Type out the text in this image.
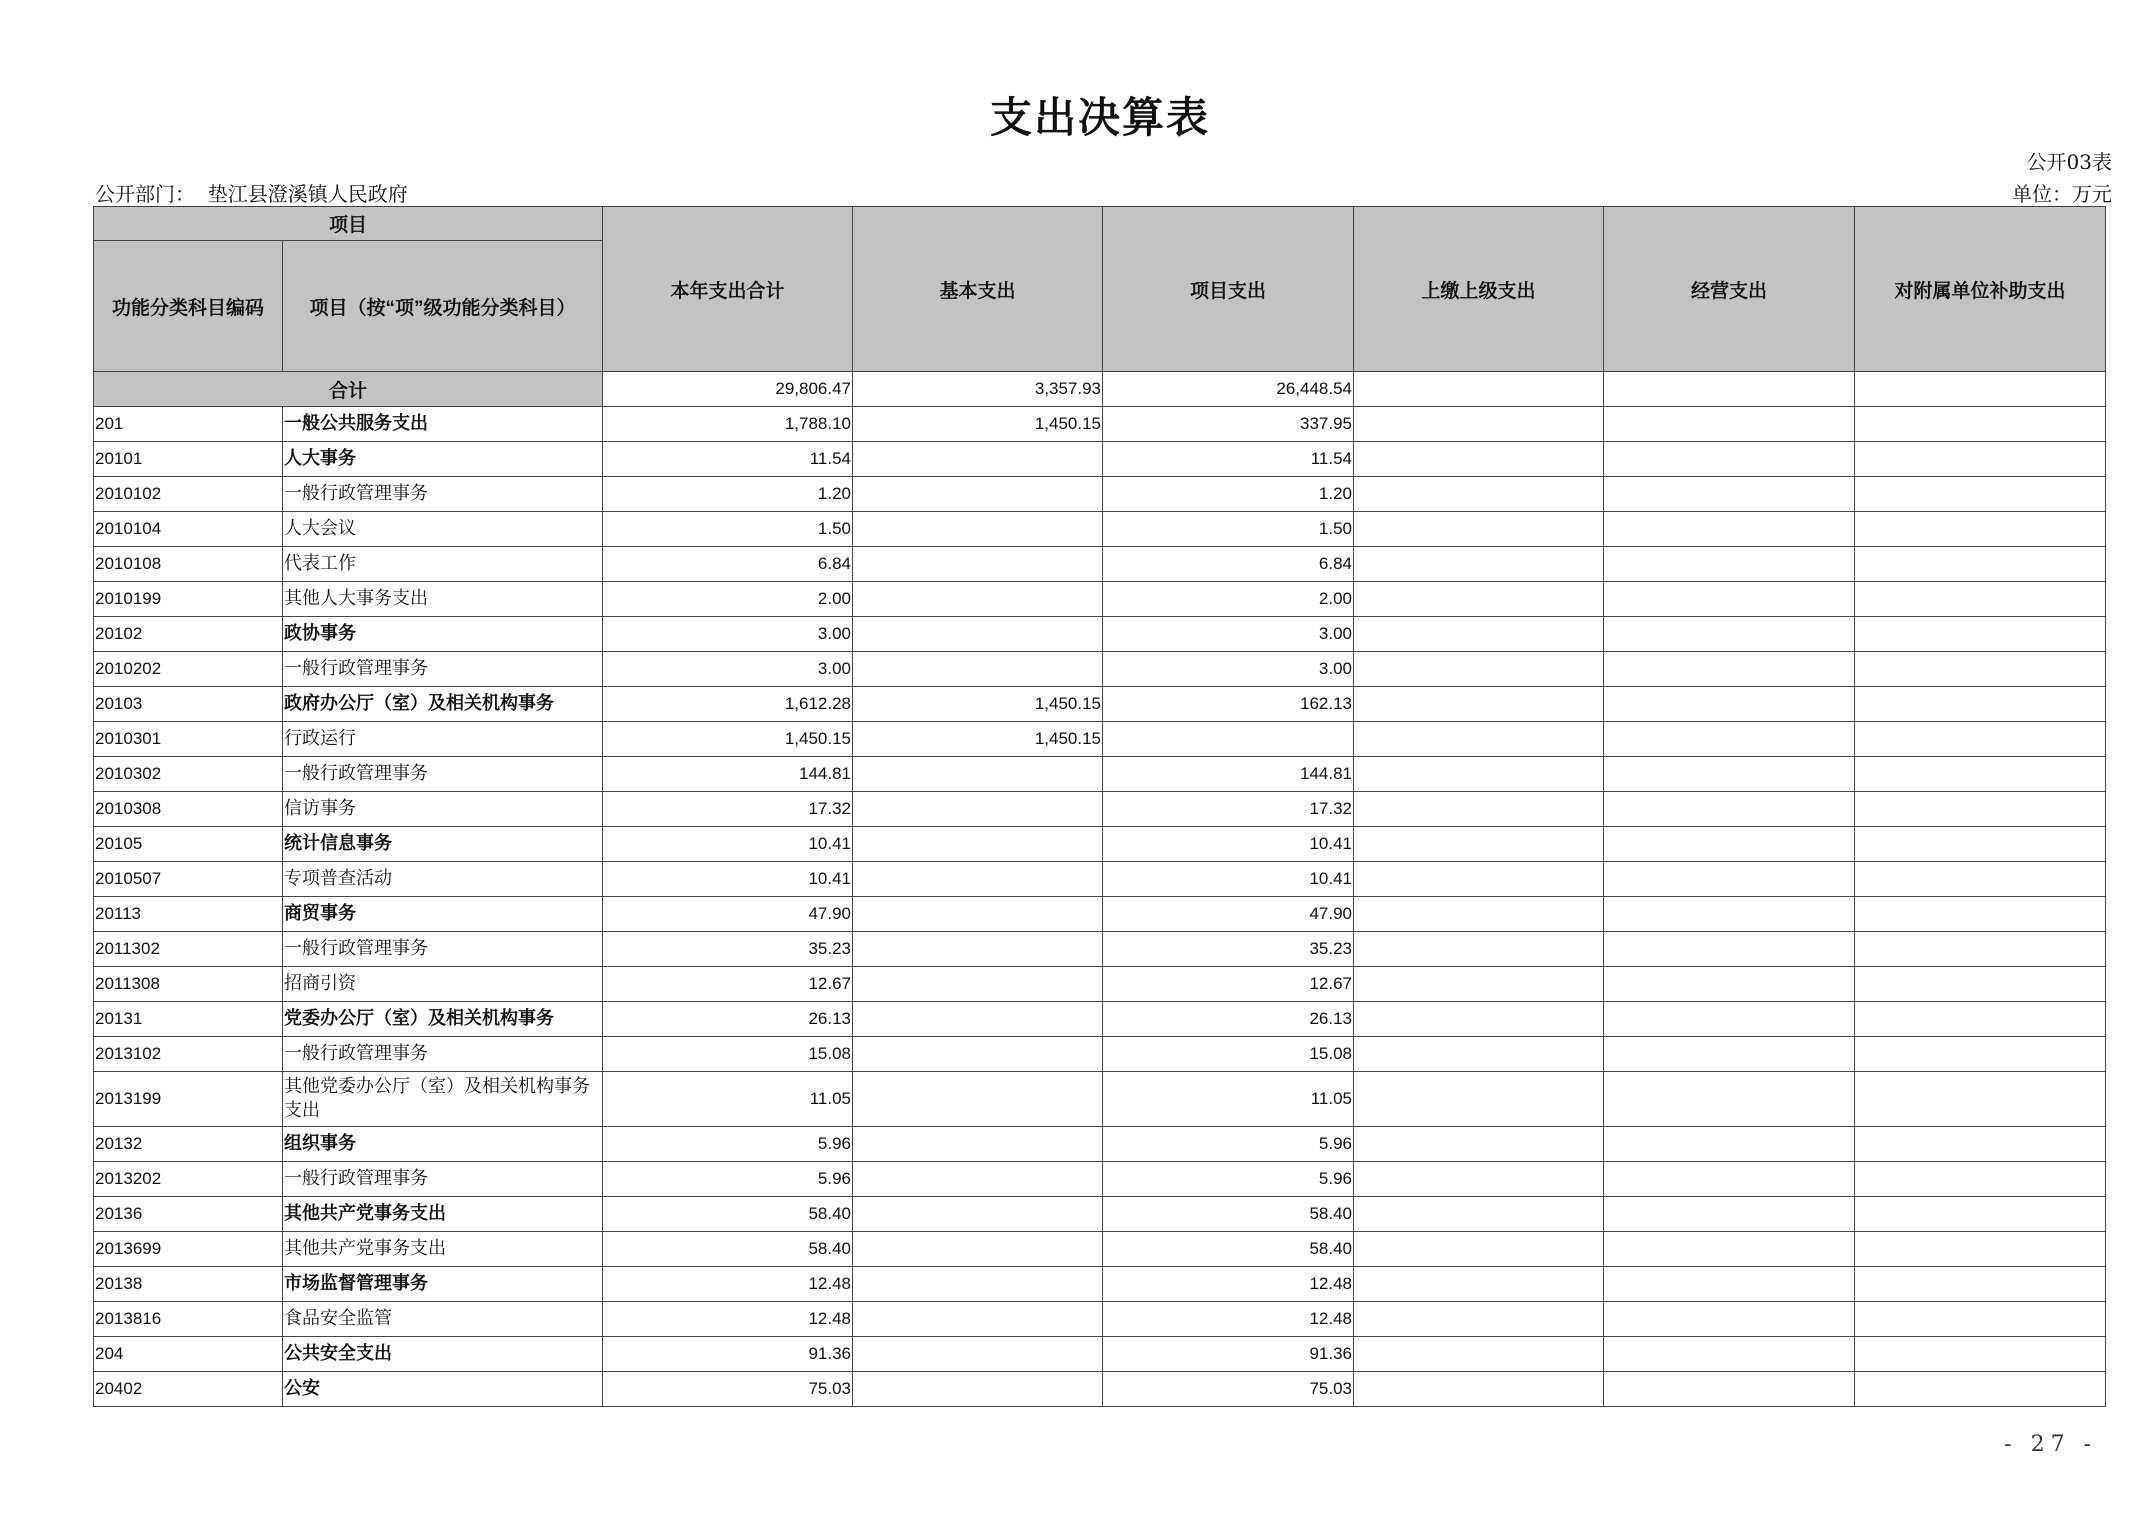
支出决算表
公开03表
公开部门： 垫江县澄溪镇人民政府	单位：万元
项目		本年支出合计	基本支出	项目支出	上缴上级支出	经营支出	对附属单位补助支出
功能分类科目编码	项目（按“项”级功能分类科目）						
合计		29,806.47	3,357.93	26,448.54			
201	一般公共服务支出	1,788.10	1,450.15	337.95			
20101	人大事务	11.54		11.54			
2010102	一般行政管理事务	1.20		1.20			
2010104	人大会议	1.50		1.50			
2010108	代表工作	6.84		6.84			
2010199	其他人大事务支出	2.00		2.00			
20102	政协事务	3.00		3.00			
2010202	一般行政管理事务	3.00		3.00			
20103	政府办公厅（室）及相关机构事务	1,612.28	1,450.15	162.13			
2010301	行政运行	1,450.15	1,450.15				
2010302	一般行政管理事务	144.81		144.81			
2010308	信访事务	17.32		17.32			
20105	统计信息事务	10.41		10.41			
2010507	专项普查活动	10.41		10.41			
20113	商贸事务	47.90		47.90			
2011302	一般行政管理事务	35.23		35.23			
2011308	招商引资	12.67		12.67			
20131	党委办公厅（室）及相关机构事务	26.13		26.13			
2013102	一般行政管理事务	15.08		15.08			
2013199	其他党委办公厅（室）及相关机构事务支出	11.05		11.05			
20132	组织事务	5.96		5.96			
2013202	一般行政管理事务	5.96		5.96			
20136	其他共产党事务支出	58.40		58.40			
2013699	其他共产党事务支出	58.40		58.40			
20138	市场监督管理事务	12.48		12.48			
2013816	食品安全监管	12.48		12.48			
204	公共安全支出	91.36		91.36			
20402	公安	75.03		75.03			
- 27 -
